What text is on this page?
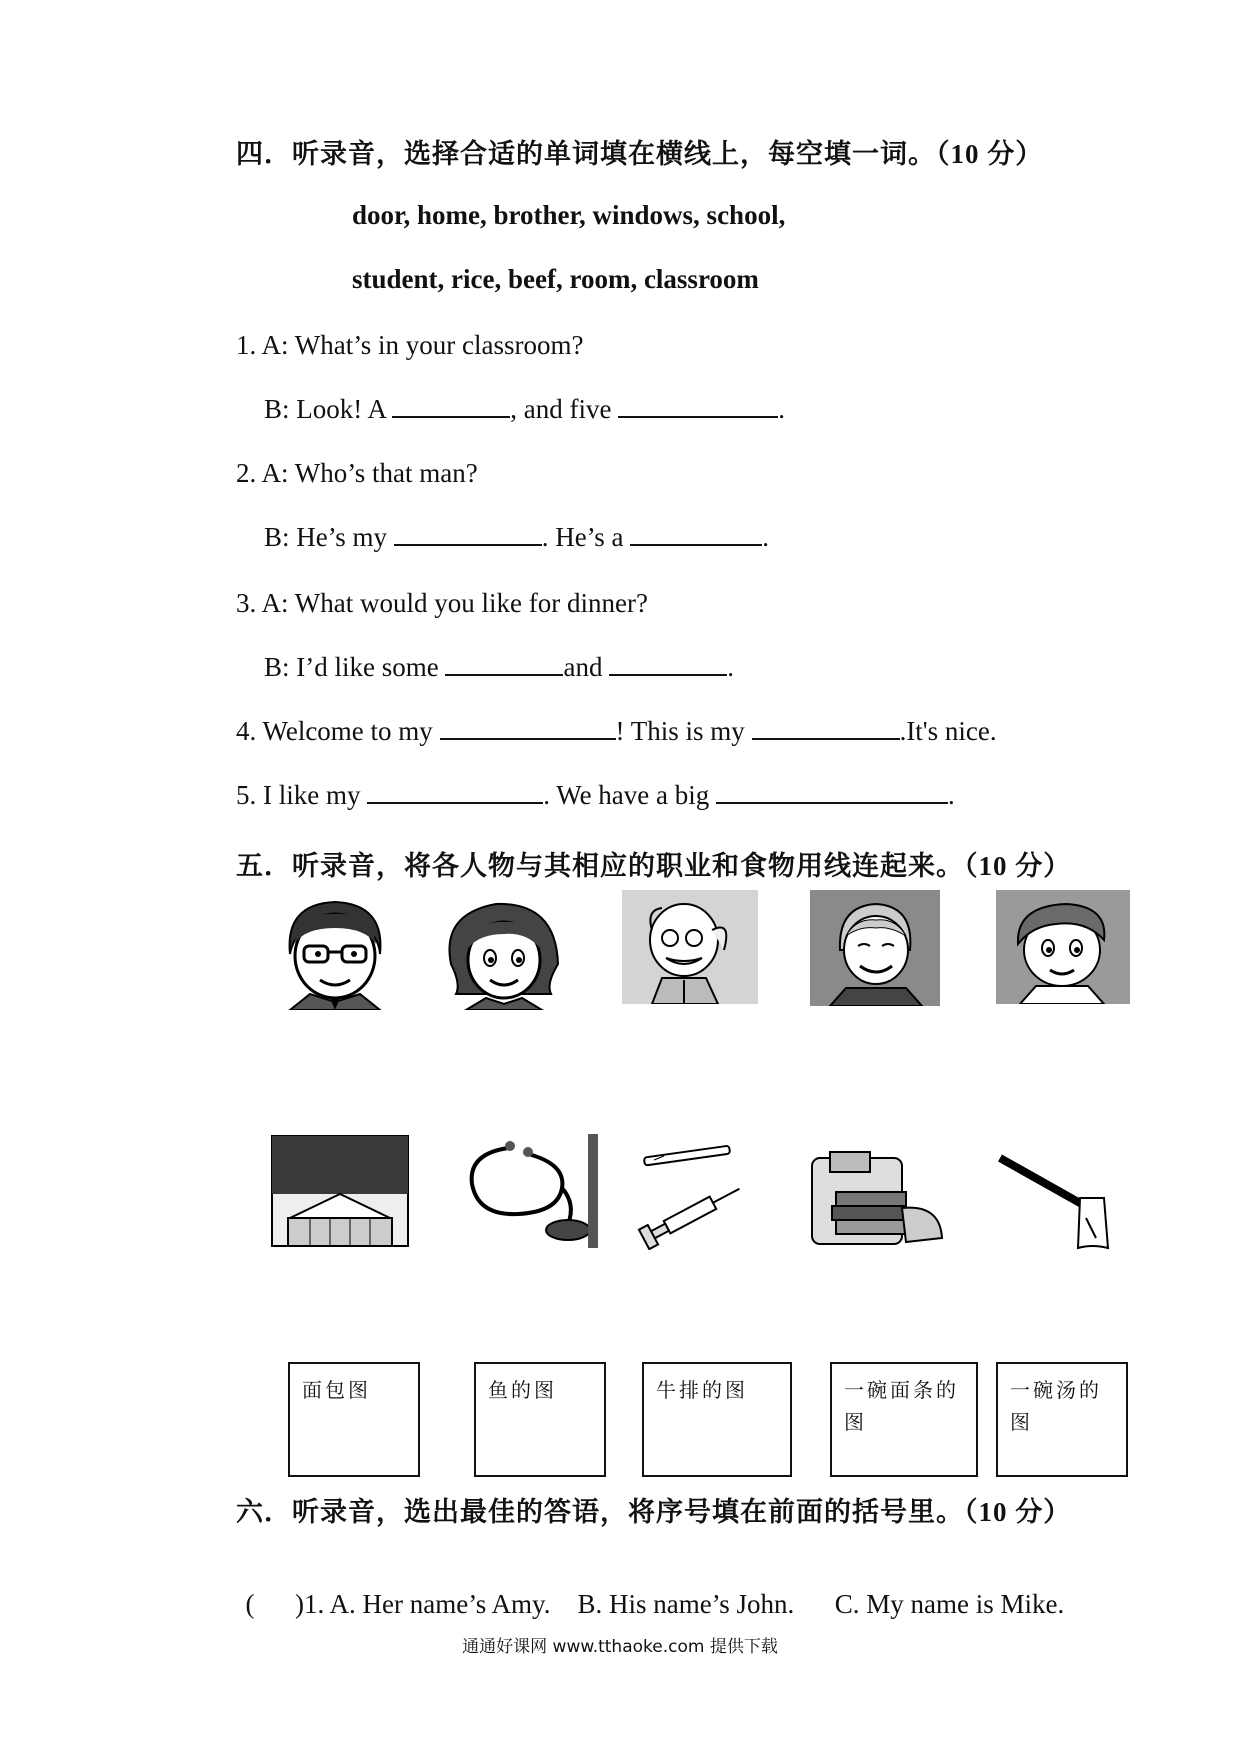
四．听录音，选择合适的单词填在横线上，每空填一词。（10 分）
door, home, brother, windows, school,
student, rice, beef, room, classroom
1. A: What’s in your classroom?
B: Look! A	, and five	.
2. A: Who’s that man?
B: He’s my	. He’s a	.
3. A: What would you like for dinner?
B: I’d like some	and	.
4. Welcome to my	! This is my	.It's nice.
5. I like my	. We have a big	.
五．听录音，将各人物与其相应的职业和食物用线连起来。（10 分）
面包图	鱼的图	牛排的图	一碗面条的图
一碗汤的图
六．听录音，选出最佳的答语，将序号填在前面的括号里。（10 分）

(      )1. A. Her name’s Amy. B. His name’s John. C. My name is Mike.

通通好课网 www.tthaoke.com 提供下载
